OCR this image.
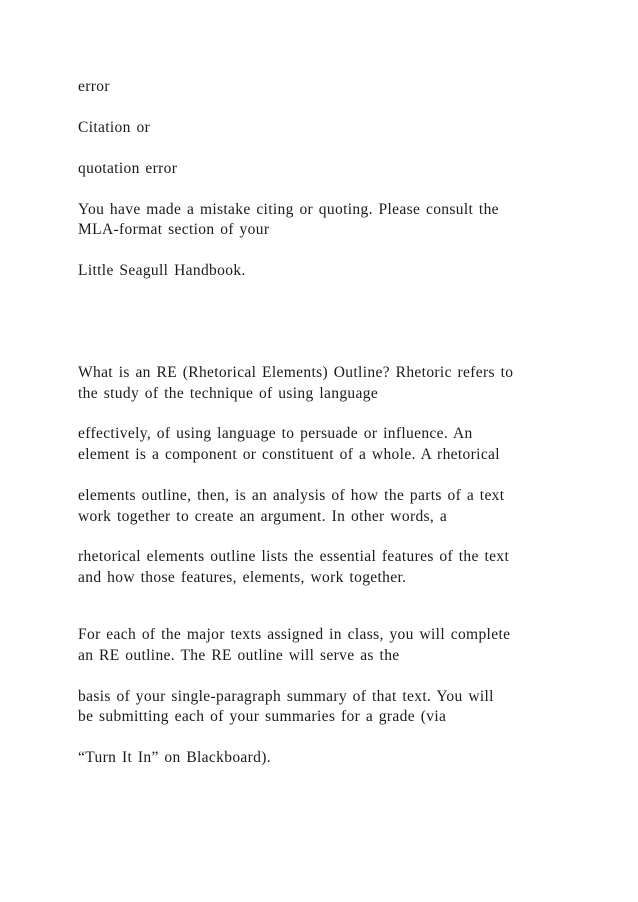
error
Citation or
quotation error
You have made a mistake citing or quoting. Please consult the
MLA-format section of your
Little Seagull Handbook.
What is an RE (Rhetorical Elements) Outline? Rhetoric refers to
the study of the technique of using language
effectively, of using language to persuade or influence. An
element is a component or constituent of a whole. A rhetorical
elements outline, then, is an analysis of how the parts of a text
work together to create an argument. In other words, a
rhetorical elements outline lists the essential features of the text
and how those features, elements, work together.
For each of the major texts assigned in class, you will complete
an RE outline. The RE outline will serve as the
basis of your single-paragraph summary of that text. You will
be submitting each of your summaries for a grade (via
“Turn It In” on Blackboard).
